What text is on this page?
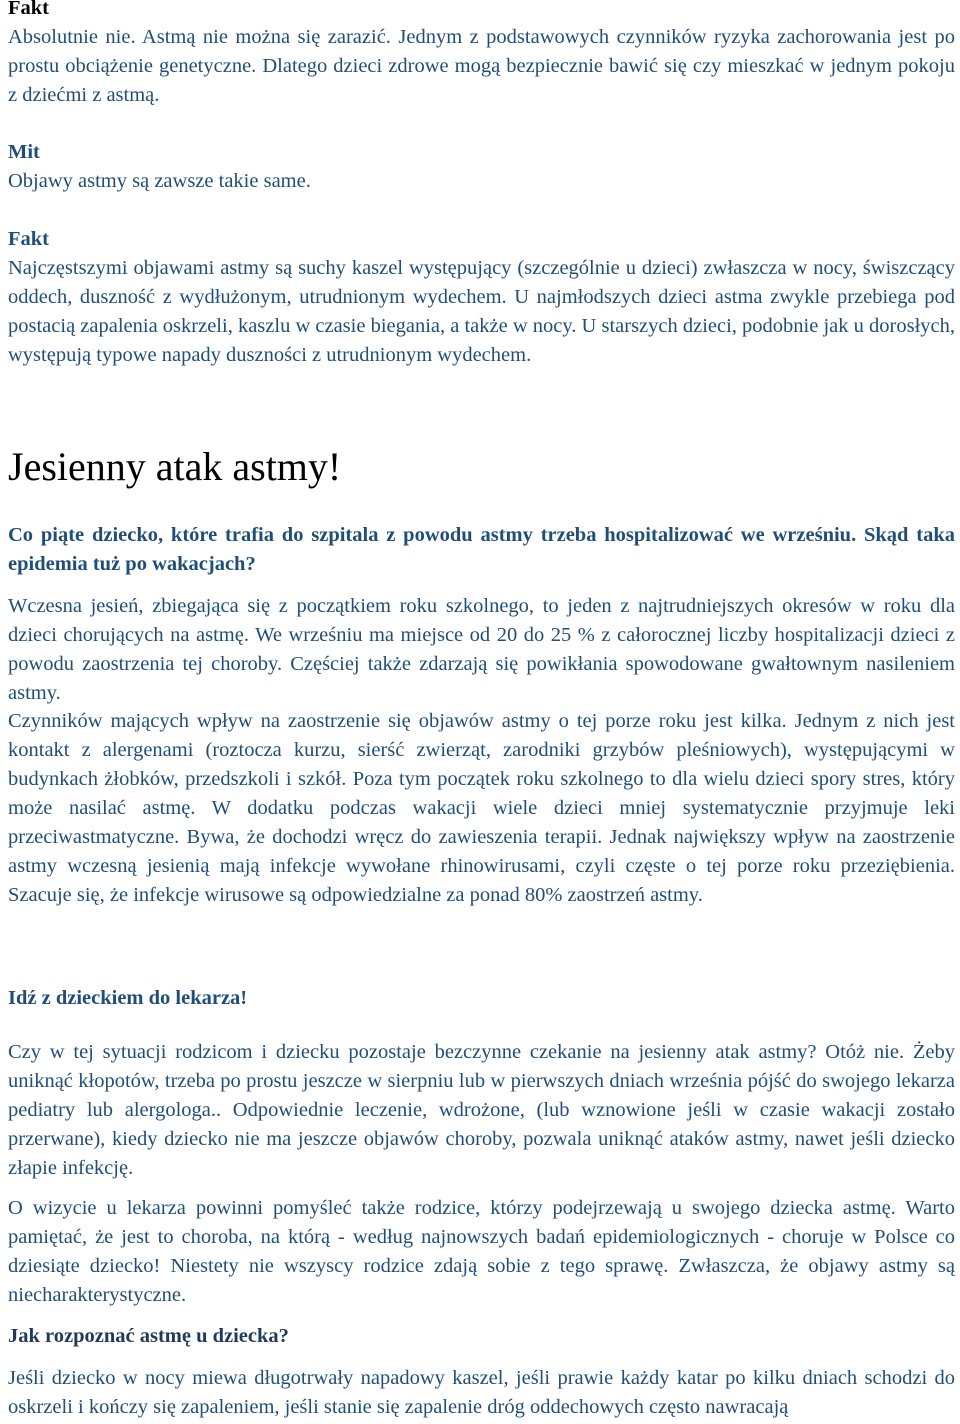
Fakt
Absolutnie nie. Astmą nie można się zarazić. Jednym z podstawowych czynników ryzyka zachorowania jest po prostu obciążenie genetyczne. Dlatego dzieci zdrowe mogą bezpiecznie bawić się czy mieszkać w jednym pokoju z dziećmi z astmą.
Mit
Objawy astmy są zawsze takie same.
Fakt
Najczęstszymi objawami astmy są suchy kaszel występujący (szczególnie u dzieci) zwłaszcza w nocy, świszczący oddech, duszność z wydłużonym, utrudnionym wydechem. U najmłodszych dzieci astma zwykle przebiega pod postacią zapalenia oskrzeli, kaszlu w czasie biegania, a także w nocy. U starszych dzieci, podobnie jak u dorosłych, występują typowe napady duszności z utrudnionym wydechem.
Jesienny atak astmy!
Co piąte dziecko, które trafia do szpitala z powodu astmy trzeba hospitalizować we wrześniu. Skąd taka epidemia tuż po wakacjach?
Wczesna jesień, zbiegająca się z początkiem roku szkolnego, to jeden z najtrudniejszych okresów w roku dla dzieci chorujących na astmę. We wrześniu ma miejsce od 20 do 25 % z całorocznej liczby hospitalizacji dzieci z powodu zaostrzenia tej choroby. Częściej także zdarzają się powikłania spowodowane gwałtownym nasileniem astmy.
Czynników mających wpływ na zaostrzenie się objawów astmy o tej porze roku jest kilka. Jednym z nich jest kontakt z alergenami (roztocza kurzu, sierść zwierząt, zarodniki grzybów pleśniowych), występującymi w budynkach żłobków, przedszkoli i szkół. Poza tym początek roku szkolnego to dla wielu dzieci spory stres, który może nasilać astmę. W dodatku podczas wakacji wiele dzieci mniej systematycznie przyjmuje leki przeciwastmatyczne. Bywa, że dochodzi wręcz do zawieszenia terapii. Jednak największy wpływ na zaostrzenie astmy wczesną jesienią mają infekcje wywołane rhinowirusami, czyli częste o tej porze roku przeziębienia. Szacuje się, że infekcje wirusowe są odpowiedzialne za ponad 80% zaostrzeń astmy.
Idź z dzieckiem do lekarza!
Czy w tej sytuacji rodzicom i dziecku pozostaje bezczynne czekanie na jesienny atak astmy? Otóż nie. Żeby uniknąć kłopotów, trzeba po prostu jeszcze w sierpniu lub w pierwszych dniach września pójść do swojego lekarza pediatry lub alergologa.. Odpowiednie leczenie, wdrożone, (lub wznowione jeśli w czasie wakacji zostało przerwane), kiedy dziecko nie ma jeszcze objawów choroby, pozwala uniknąć ataków astmy, nawet jeśli dziecko złapie infekcję.
O wizycie u lekarza powinni pomyśleć także rodzice, którzy podejrzewają u swojego dziecka astmę. Warto pamiętać, że jest to choroba, na którą - według najnowszych badań epidemiologicznych - choruje w Polsce co dziesiąte dziecko! Niestety nie wszyscy rodzice zdają sobie z tego sprawę. Zwłaszcza, że objawy astmy są niecharakterystyczne.
Jak rozpoznać astmę u dziecka?
Jeśli dziecko w nocy miewa długotrwały napadowy kaszel, jeśli prawie każdy katar po kilku dniach schodzi do oskrzeli i kończy się zapaleniem, jeśli stanie się zapalenie dróg oddechowych często nawracają
